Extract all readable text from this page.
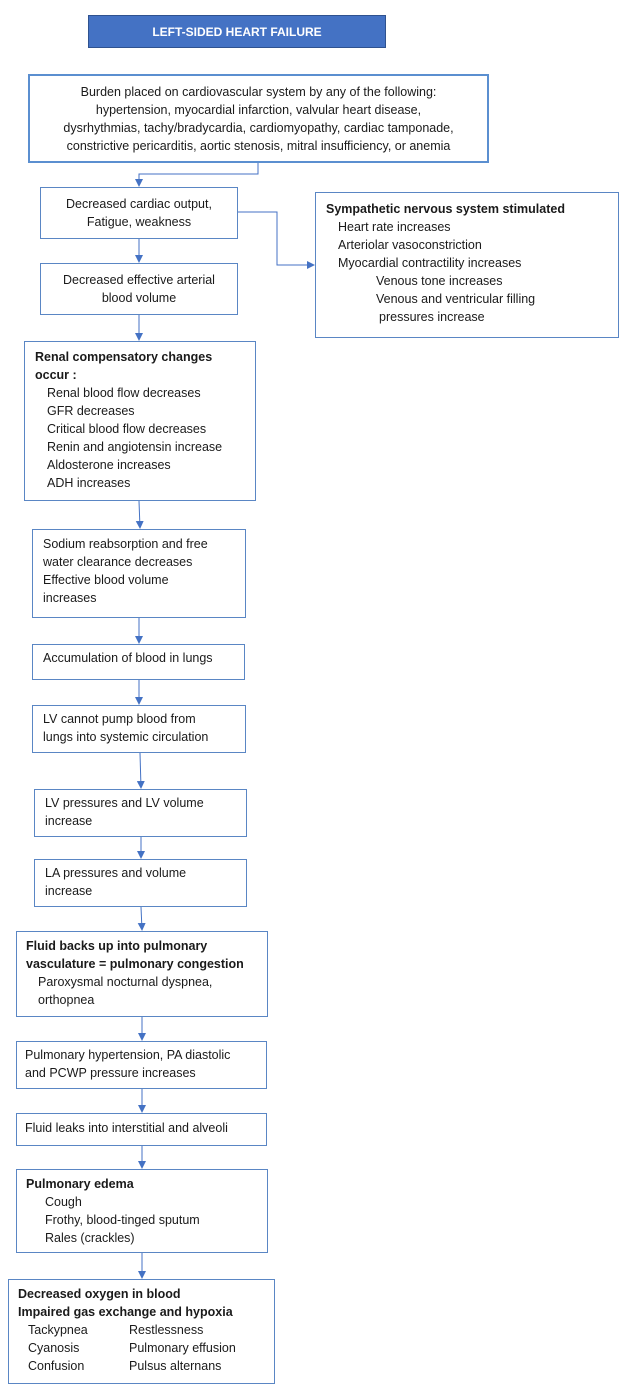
LEFT-SIDED HEART FAILURE
Burden placed on cardiovascular system by any of the following:
hypertension, myocardial infarction, valvular heart disease,
dysrhythmias, tachy/bradycardia, cardiomyopathy, cardiac tamponade,
constrictive pericarditis, aortic stenosis, mitral insufficiency, or anemia
Decreased cardiac output,
Fatigue, weakness
Sympathetic nervous system stimulated
Heart rate increases
Arteriolar vasoconstriction
Myocardial contractility increases
Venous tone increases
Venous and ventricular filling
pressures increase
Decreased effective arterial
blood volume
Renal compensatory changes
occur :
Renal blood flow decreases
GFR decreases
Critical blood flow decreases
Renin and angiotensin increase
Aldosterone increases
ADH increases
Sodium reabsorption and free
water clearance decreases
Effective blood volume
increases
Accumulation of blood in lungs
LV cannot pump blood from
lungs into systemic circulation
LV pressures and LV volume
increase
LA pressures and volume
increase
Fluid backs up into pulmonary
vasculature = pulmonary congestion
Paroxysmal nocturnal dyspnea,
orthopnea
Pulmonary hypertension, PA diastolic
and PCWP pressure increases
Fluid leaks into interstitial and alveoli
Pulmonary edema
Cough
Frothy, blood-tinged sputum
Rales (crackles)
Decreased oxygen in blood
Impaired gas exchange and hypoxia
Tackypnea
Cyanosis
Confusion
Restlessness
Pulmonary effusion
Pulsus alternans
